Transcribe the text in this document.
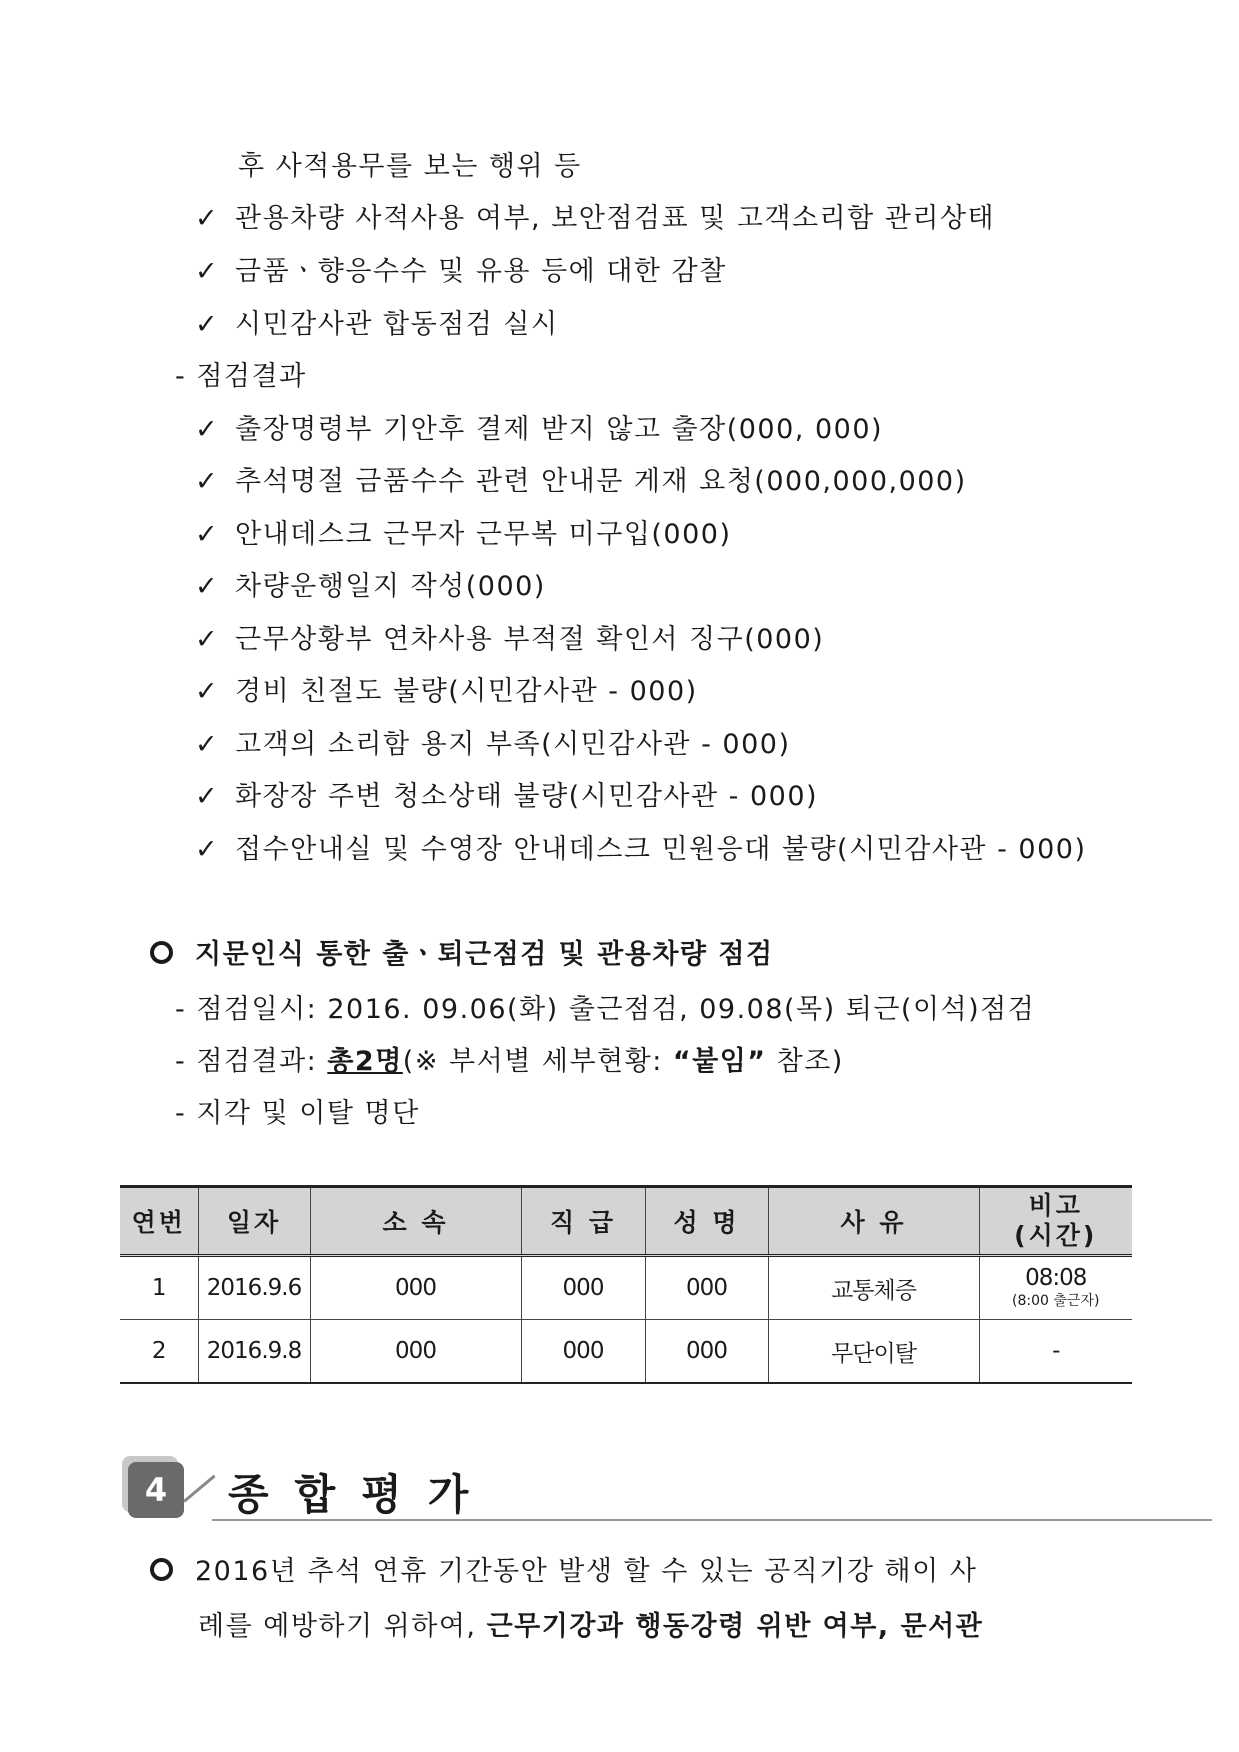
후 사적용무를 보는 행위 등
✓ 관용차량 사적사용 여부, 보안점검표 및 고객소리함 관리상태
✓ 금품ㆍ향응수수 및 유용 등에 대한 감찰
✓ 시민감사관 합동점검 실시
- 점검결과
✓ 출장명령부 기안후 결제 받지 않고 출장(000, 000)
✓ 추석명절 금품수수 관련 안내문 게재 요청(000,000,000)
✓ 안내데스크 근무자 근무복 미구입(000)
✓ 차량운행일지 작성(000)
✓ 근무상황부 연차사용 부적절 확인서 징구(000)
✓ 경비 친절도 불량(시민감사관 - 000)
✓ 고객의 소리함 용지 부족(시민감사관 - 000)
✓ 화장장 주변 청소상태 불량(시민감사관 - 000)
✓ 접수안내실 및 수영장 안내데스크 민원응대 불량(시민감사관 - 000)
지문인식 통한 출ㆍ퇴근점검 및 관용차량 점검
- 점검일시: 2016. 09.06(화) 출근점검, 09.08(목) 퇴근(이석)점검
- 점검결과: 총2명(※ 부서별 세부현황: “붙임” 참조)
- 지각 및 이탈 명단
연번	일자	소 속	직 급	성 명	사 유	비고
(시간)
1	2016.9.6	000	000	000	교통체증	08:08
(8:00 출근자)

2	2016.9.8	000	000	000	무단이탈	-
4	종합평가
2016년 추석 연휴 기간동안 발생 할 수 있는 공직기강 해이 사
례를 예방하기 위하여, 근무기강과 행동강령 위반 여부, 문서관
